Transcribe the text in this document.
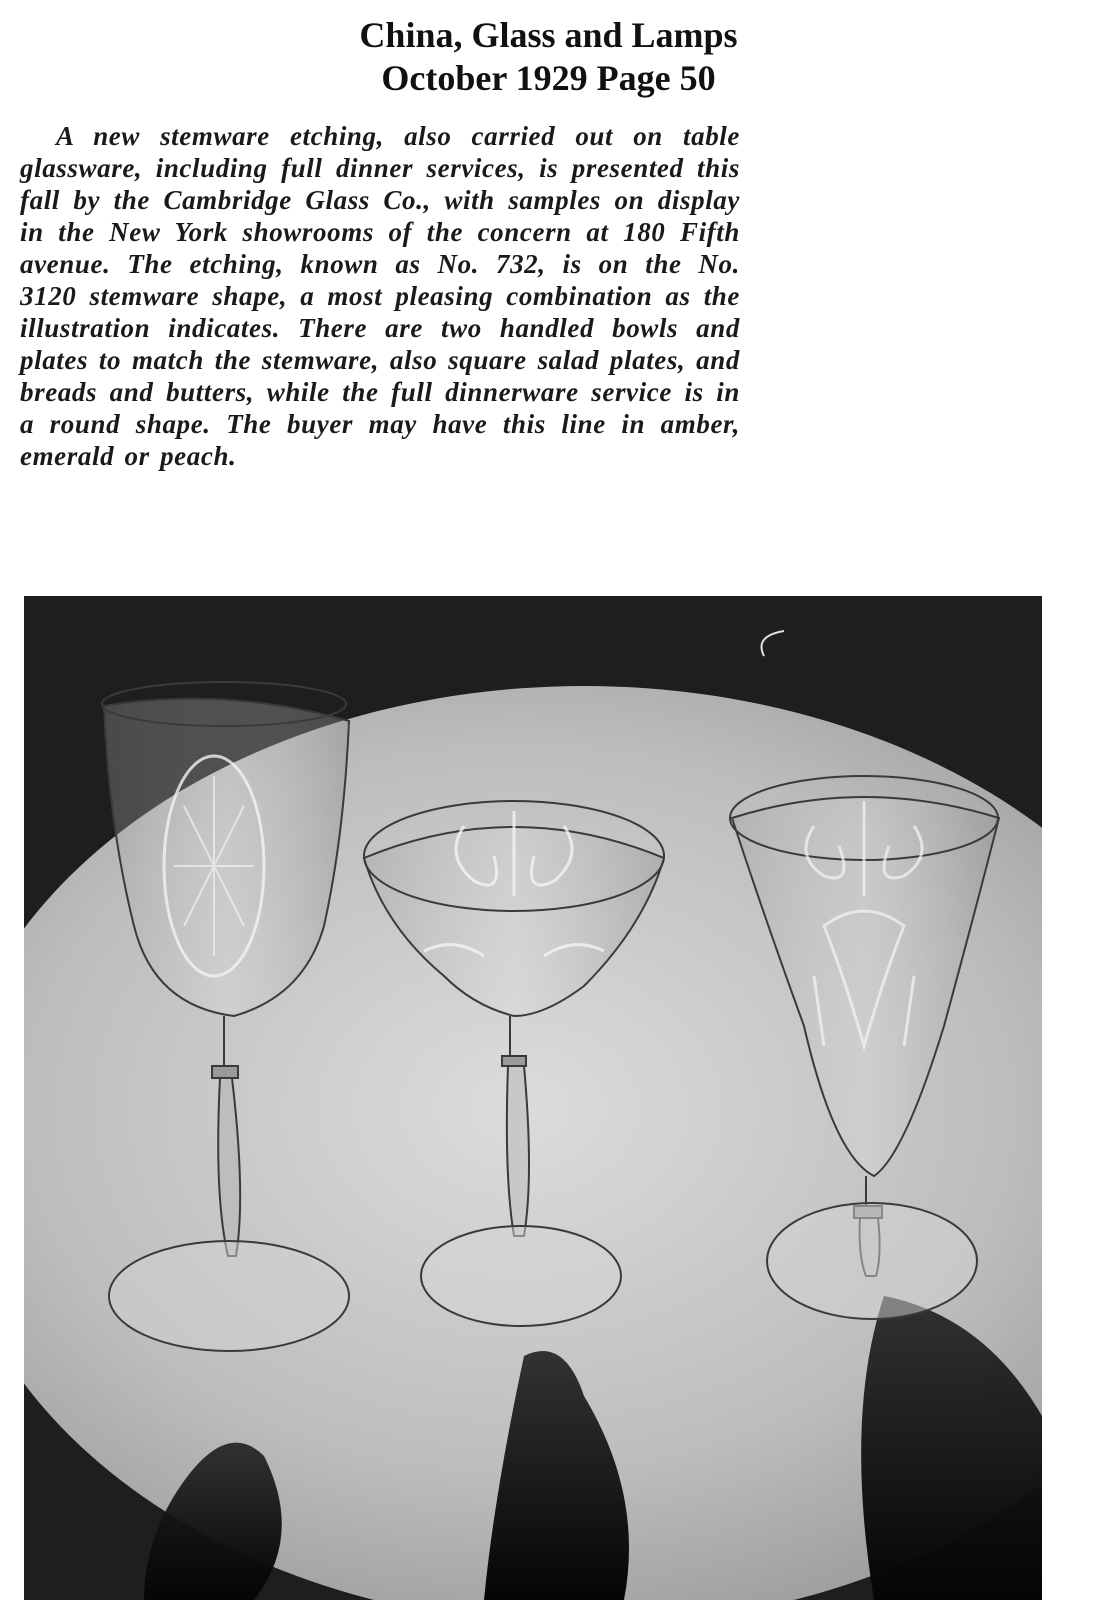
China, Glass and Lamps
October 1929 Page 50

A new stemware etching, also carried out on table glassware, including full dinner services, is presented this fall by the Cambridge Glass Co., with samples on display in the New York showrooms of the concern at 180 Fifth avenue. The etching, known as No. 732, is on the No. 3120 stemware shape, a most pleasing combination as the illustration indicates. There are two handled bowls and plates to match the stemware, also square salad plates, and breads and butters, while the full dinnerware service is in a round shape. The buyer may have this line in amber, emerald or peach.
